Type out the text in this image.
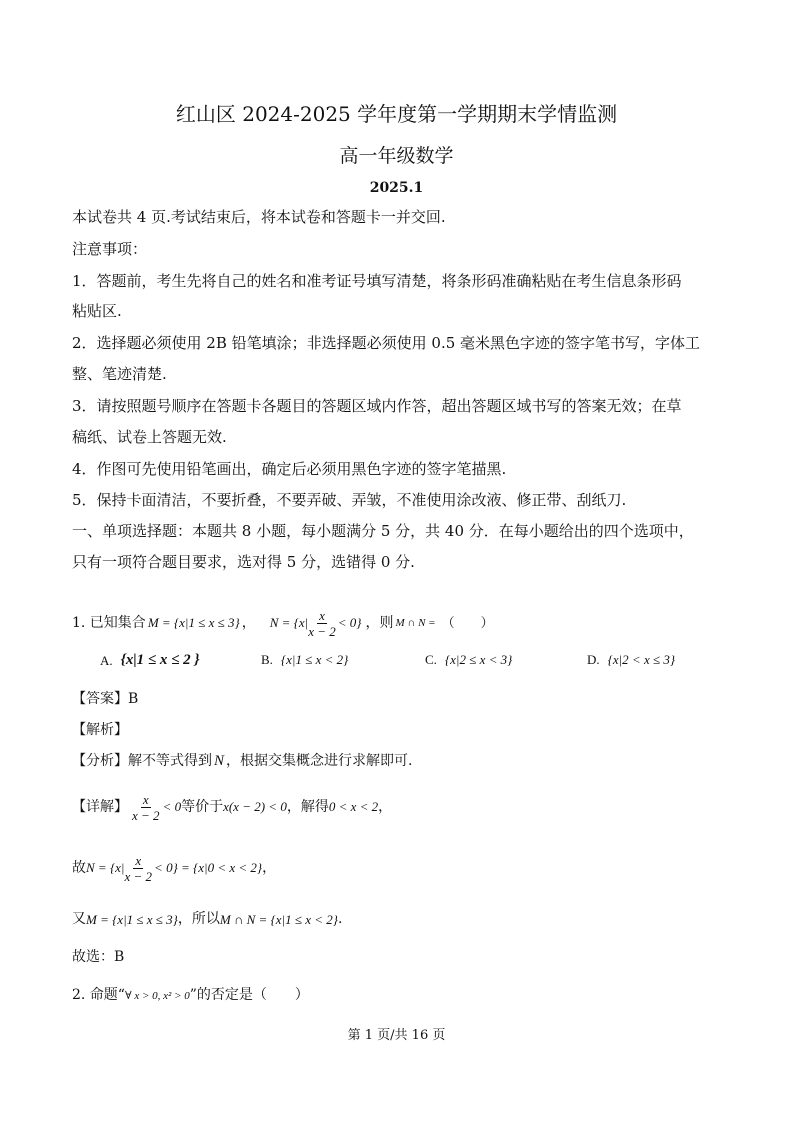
红山区 2024-2025 学年度第一学期期末学情监测
高一年级数学
2025.1
本试卷共 4 页.考试结束后，将本试卷和答题卡一并交回.
注意事项：
1．答题前，考生先将自己的姓名和准考证号填写清楚，将条形码准确粘贴在考生信息条形码
粘贴区.
2．选择题必须使用 2B 铅笔填涂；非选择题必须使用 0.5 毫米黑色字迹的签字笔书写，字体工
整、笔迹清楚.
3．请按照题号顺序在答题卡各题目的答题区域内作答，超出答题区域书写的答案无效；在草
稿纸、试卷上答题无效.
4．作图可先使用铅笔画出，确定后必须用黑色字迹的签字笔描黑.
5．保持卡面清洁，不要折叠，不要弄破、弄皱，不准使用涂改液、修正带、刮纸刀.
一、单项选择题：本题共 8 小题，每小题满分 5 分，共 40 分．在每小题给出的四个选项中，
只有一项符合题目要求，选对得 5 分，选错得 0 分.
1. 已知集合 M = {x|1 ≤ x ≤ 3} ， $N = \{x| \frac{x}{x - 2} < 0\}$ ，则 M ∩ N = （　　）
A. {x|1 ≤ x ≤ 2 }	B. {x|1 ≤ x < 2}	C. {x|2 ≤ x < 3}	D. {x|2 < x ≤ 3}
【答案】B
【解析】
【分析】解不等式得到 N ，根据交集概念进行求解即可.
【详解】 $\frac{x}{x - 2} < 0$ 等价于 x(x − 2) < 0 ，解得 0 < x < 2 ，
故 $N = \{x| \frac{x}{x - 2} < 0\} = \{x|0 < x < 2\}$ ，
又 M = {x|1 ≤ x ≤ 3} ，所以 M ∩ N = {x|1 ≤ x < 2} .
故选：B
2. 命题“ ∀ x > 0, x² > 0 ”的否定是（　　）
第 1 页/共 16 页
